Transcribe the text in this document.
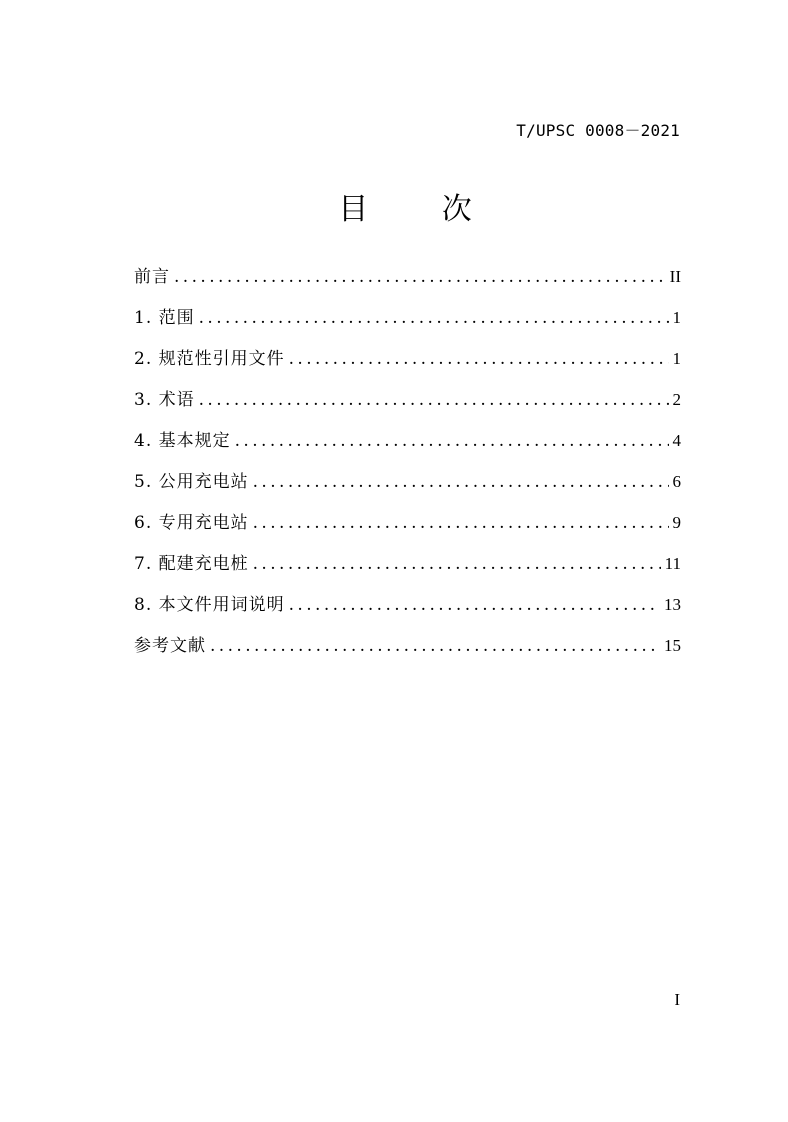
T/UPSC 0008－2021
目 次
前言 .....	II
1. 范围 .....	1
2. 规范性引用文件 .....	1
3. 术语 .....	2
4. 基本规定 .....	4
5. 公用充电站 .....	6
6. 专用充电站 .....	9
7. 配建充电桩 .....	11
8. 本文件用词说明 .....	13
参考文献 .....	15
I
